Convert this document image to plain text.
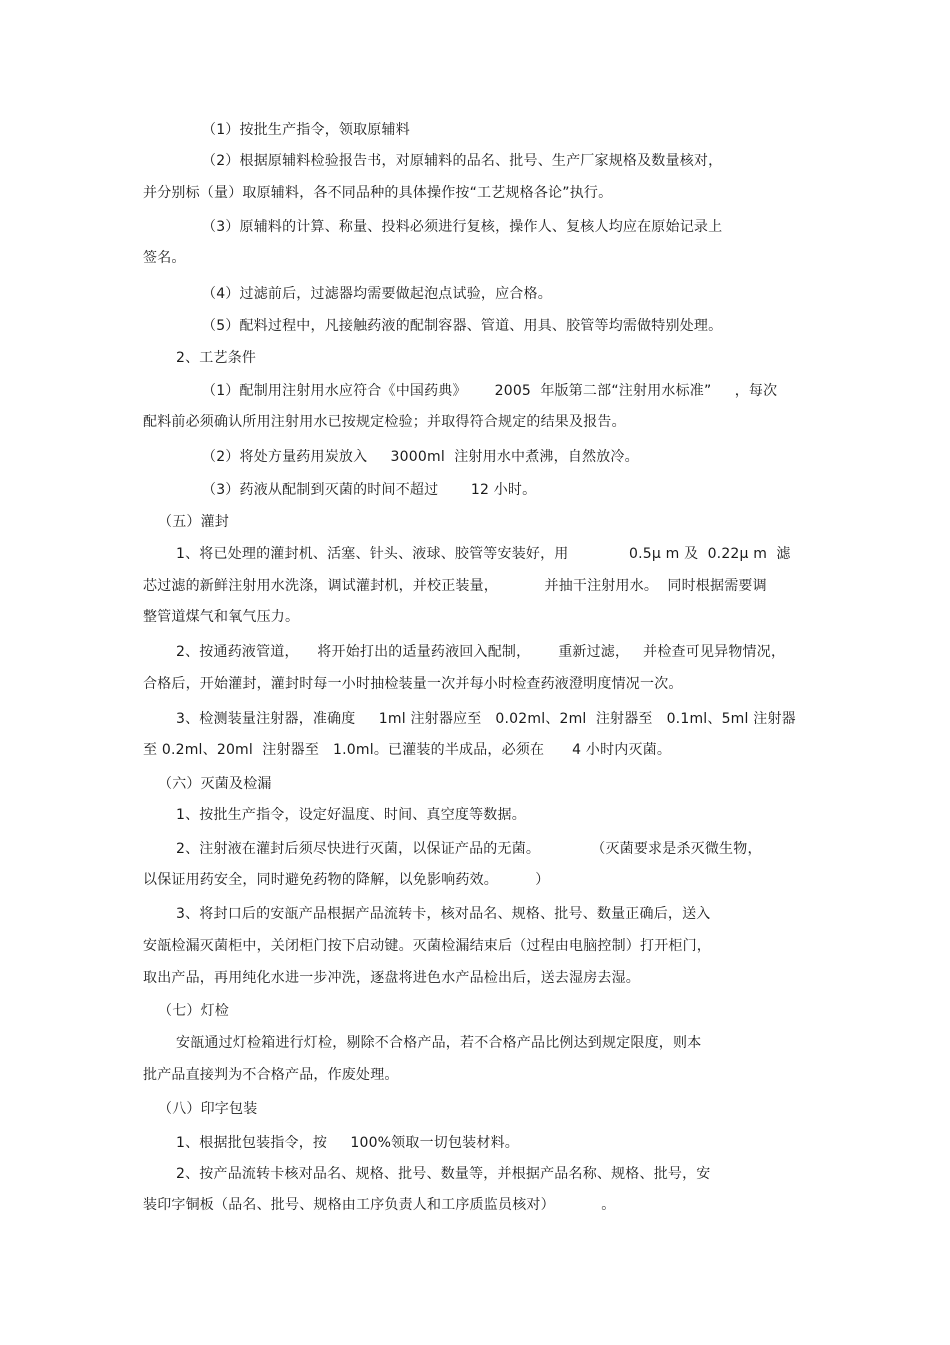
（1）按批生产指令，领取原辅料

（2）根据原辅料检验报告书，对原辅料的品名、批号、生产厂家规格及数量核对，

并分别标（量）取原辅料，各不同品种的具体操作按“工艺规格各论”执行。

（3）原辅料的计算、称量、投料必须进行复核，操作人、复核人均应在原始记录上

签名。

（4）过滤前后，过滤器均需要做起泡点试验，应合格。

（5）配料过程中，凡接触药液的配制容器、管道、用具、胶管等均需做特别处理。

2、工艺条件

（1）配制用注射用水应符合《中国药典》      2005  年版第二部“注射用水标准”     ，每次

配料前必须确认所用注射用水已按规定检验；并取得符合规定的结果及报告。

（2）将处方量药用炭放入     3000ml  注射用水中煮沸，自然放冷。

（3）药液从配制到灭菌的时间不超过       12 小时。

（五）灌封

1、将已处理的灌封机、活塞、针头、液球、胶管等安装好，用             0.5μ m 及  0.22μ m  滤

芯过滤的新鲜注射用水洗涤，调试灌封机，并校正装量，          并抽干注射用水。  同时根据需要调

整管道煤气和氧气压力。

2、按通药液管道，    将开始打出的适量药液回入配制，      重新过滤，   并检查可见异物情况，

合格后，开始灌封，灌封时每一小时抽检装量一次并每小时检查药液澄明度情况一次。

3、检测装量注射器，准确度     1ml 注射器应至   0.02ml、2ml  注射器至   0.1ml、5ml 注射器

至 0.2ml、20ml  注射器至   1.0ml。已灌装的半成品，必须在      4 小时内灭菌。

（六）灭菌及检漏

1、按批生产指令，设定好温度、时间、真空度等数据。

2、注射液在灌封后须尽快进行灭菌，以保证产品的无菌。           （灭菌要求是杀灭微生物，

以保证用药安全，同时避免药物的降解，以免影响药效。        ）

3、将封口后的安瓿产品根据产品流转卡，核对品名、规格、批号、数量正确后，送入

安瓿检漏灭菌柜中，关闭柜门按下启动键。灭菌检漏结束后（过程由电脑控制）打开柜门，

取出产品，再用纯化水进一步冲洗，逐盘将进色水产品检出后，送去湿房去湿。

（七）灯检

安瓿通过灯检箱进行灯检，剔除不合格产品，若不合格产品比例达到规定限度，则本

批产品直接判为不合格产品，作废处理。

（八）印字包装

1、根据批包装指令，按     100%领取一切包装材料。

2、按产品流转卡核对品名、规格、批号、数量等，并根据产品名称、规格、批号，安

装印字铜板（品名、批号、规格由工序负责人和工序质监员核对）          。
